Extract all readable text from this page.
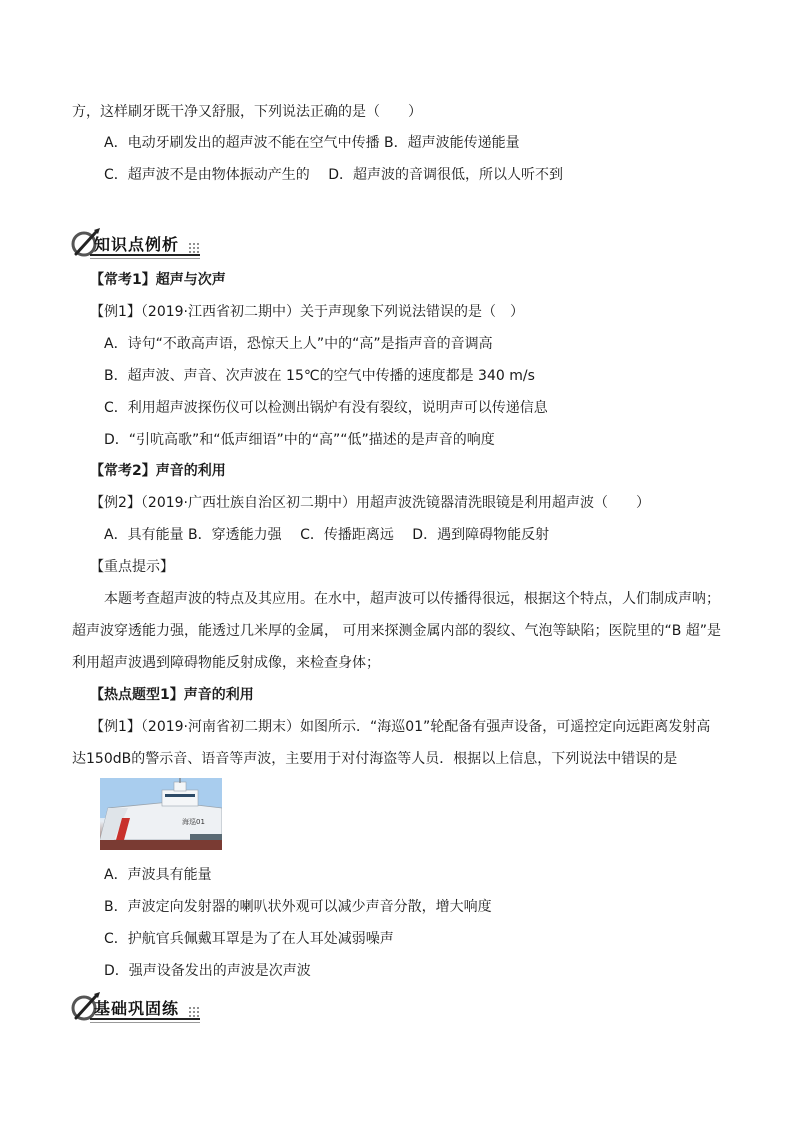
方，这样刷牙既干净又舒服，下列说法正确的是（　　）
A．电动牙刷发出的超声波不能在空气中传播 B．超声波能传递能量
C．超声波不是由物体振动产生的　 D．超声波的音调很低，所以人听不到
知识点例析
【常考1】超声与次声
【例1】（2019·江西省初二期中）关于声现象下列说法错误的是（　）
A．诗句“不敢高声语，恐惊天上人”中的“高”是指声音的音调高
B．超声波、声音、次声波在 15℃的空气中传播的速度都是 340 m/s
C．利用超声波探伤仪可以检测出锅炉有没有裂纹，说明声可以传递信息
D．“引吭高歌”和“低声细语”中的“高”“低”描述的是声音的响度
【常考2】声音的利用
【例2】（2019·广西壮族自治区初二期中）用超声波洗镜器清洗眼镜是利用超声波（　　）
A．具有能量 B．穿透能力强　 C．传播距离远　 D．遇到障碍物能反射
【重点提示】
本题考查超声波的特点及其应用。在水中，超声波可以传播得很远，根据这个特点，人们制成声呐；
超声波穿透能力强，能透过几米厚的金属， 可用来探测金属内部的裂纹、气泡等缺陷；医院里的“B 超”是
利用超声波遇到障碍物能反射成像，来检查身体；
【热点题型1】声音的利用
【例1】（2019·河南省初二期末）如图所示．“海巡01”轮配备有强声设备，可遥控定向远距离发射高
达150dB的警示音、语音等声波，主要用于对付海盗等人员．根据以上信息，下列说法中错误的是
海巡01
A．声波具有能量
B．声波定向发射器的喇叭状外观可以减少声音分散，增大响度
C．护航官兵佩戴耳罩是为了在人耳处减弱噪声
D．强声设备发出的声波是次声波
基础巩固练
